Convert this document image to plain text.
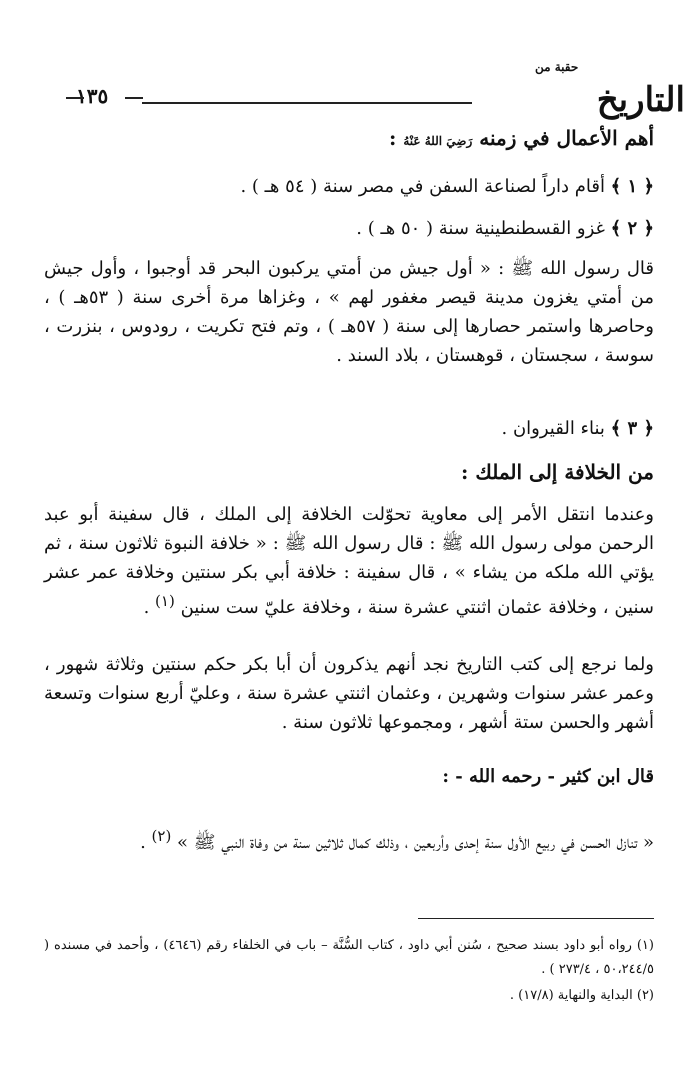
حقبة من
التاريخ
١٣٥
أهم الأعمال في زمنه رَضِيَ اللهُ عَنْهُ :
﴿ ١ ﴾ أقام داراً لصناعة السفن في مصر سنة ( ٥٤ هـ ) .
﴿ ٢ ﴾ غزو القسطنطينية سنة ( ٥٠ هـ ) .
قال رسول الله ﷺ : « أول جيش من أمتي يركبون البحر قد أوجبوا ، وأول جيش من أمتي يغزون مدينة قيصر مغفور لهم » ، وغزاها مرة أخرى سنة ( ٥٣هـ ) ، وحاصرها واستمر حصارها إلى سنة ( ٥٧هـ ) ، وتم فتح تكريت ، رودوس ، بنزرت ، سوسة ، سجستان ، قوهستان ، بلاد السند .
﴿ ٣ ﴾ بناء القيروان .
من الخلافة إلى الملك :
وعندما انتقل الأمر إلى معاوية تحوّلت الخلافة إلى الملك ، قال سفينة أبو عبد الرحمن مولى رسول الله ﷺ : قال رسول الله ﷺ : « خلافة النبوة ثلاثون سنة ، ثم يؤتي الله ملكه من يشاء » ، قال سفينة : خلافة أبي بكر سنتين وخلافة عمر عشر سنين ، وخلافة عثمان اثنتي عشرة سنة ، وخلافة عليّ ست سنين $^{(١)}$ .
ولما نرجع إلى كتب التاريخ نجد أنهم يذكرون أن أبا بكر حكم سنتين وثلاثة شهور ، وعمر عشر سنوات وشهرين ، وعثمان اثنتي عشرة سنة ، وعليّ أربع سنوات وتسعة أشهر والحسن ستة أشهر ، ومجموعها ثلاثون سنة .
قال ابن كثير - رحمه الله - :
« تنازل الحسن في ربيع الأول سنة إحدى وأربعين ، وذلك كمال ثلاثين سنة من وفاة النبي ﷺ » $^{(٢)}$ .
(١) رواه أبو داود بسند صحيح ، سُنن أبي داود ، كتاب السُّنَّة – باب في الخلفاء رقم (٤٦٤٦) ، وأحمد في مسنده ( ٥٠،٢٤٤/٥ ، ٢٧٣/٤ ) .
(٢) البداية والنهاية (١٧/٨) .
